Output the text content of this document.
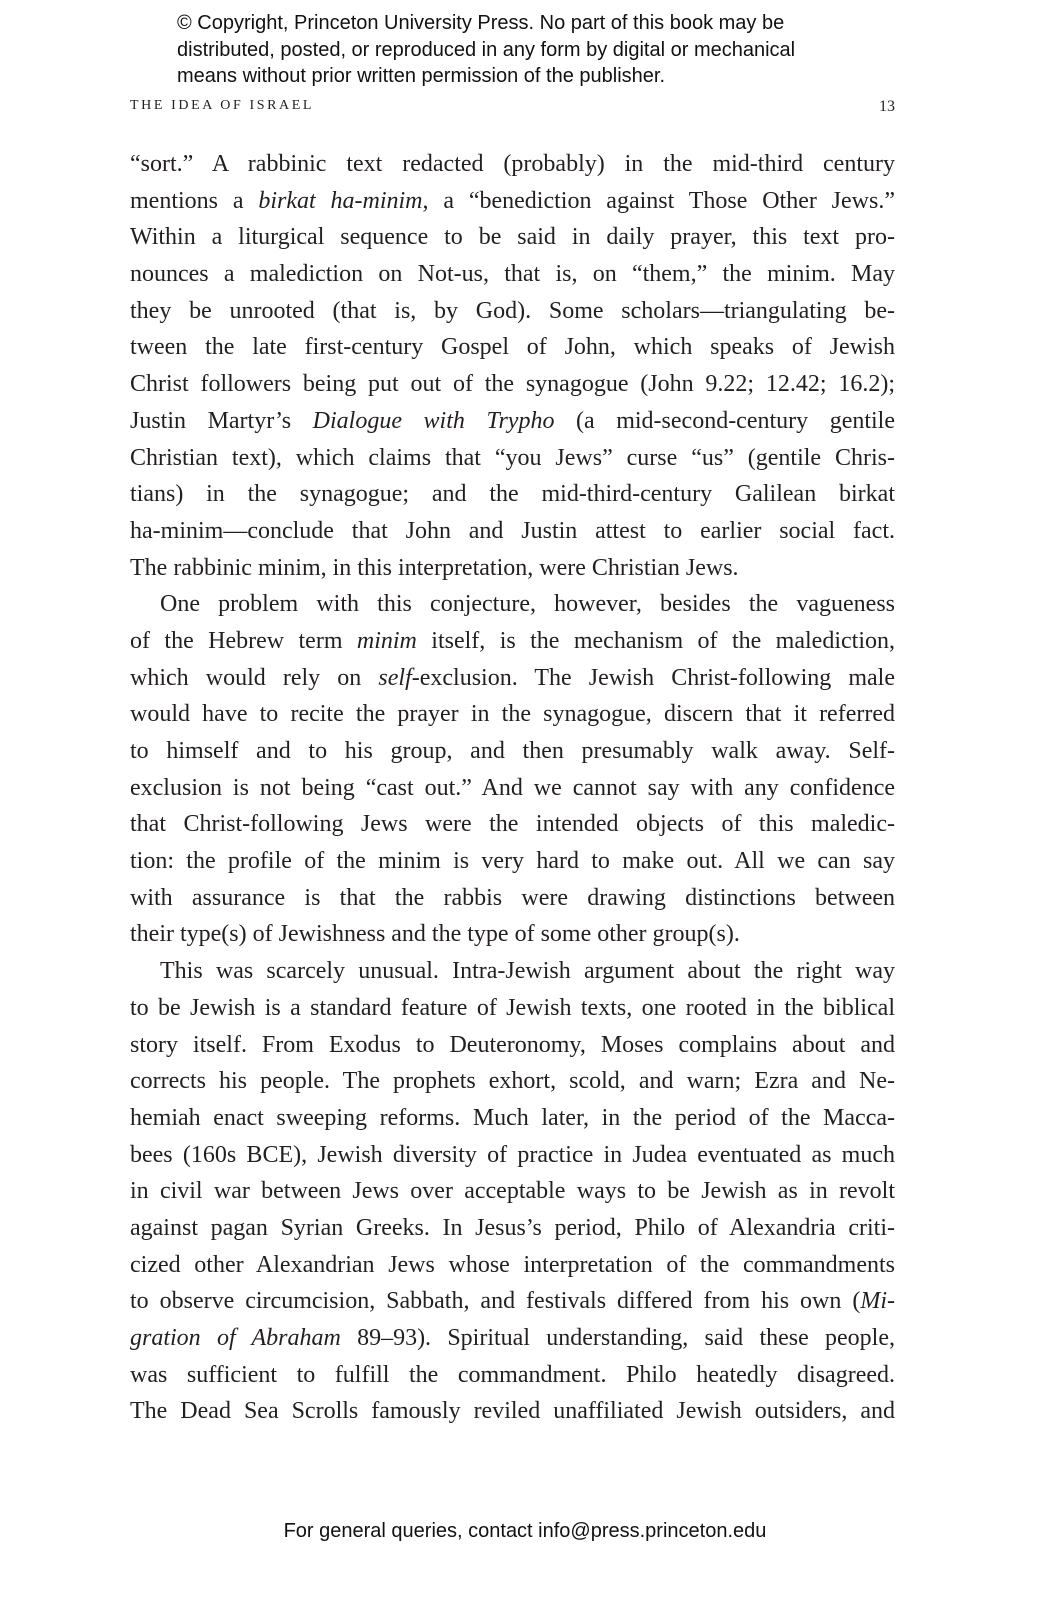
© Copyright, Princeton University Press. No part of this book may be
distributed, posted, or reproduced in any form by digital or mechanical
means without prior written permission of the publisher.
THE IDEA OF ISRAEL	13
“sort.” A rabbinic text redacted (probably) in the mid-third century
mentions a birkat ha-minim, a “benediction against Those Other Jews.”
Within a liturgical sequence to be said in daily prayer, this text pro-
nounces a malediction on Not-us, that is, on “them,” the minim. May
they be unrooted (that is, by God). Some scholars—triangulating be-
tween the late first-century Gospel of John, which speaks of Jewish
Christ followers being put out of the synagogue (John 9.22; 12.42; 16.2);
Justin Martyr’s Dialogue with Trypho (a mid-second-century gentile
Christian text), which claims that “you Jews” curse “us” (gentile Chris-
tians) in the synagogue; and the mid-third-century Galilean birkat
ha-minim—conclude that John and Justin attest to earlier social fact.
The rabbinic minim, in this interpretation, were Christian Jews.
One problem with this conjecture, however, besides the vagueness
of the Hebrew term minim itself, is the mechanism of the malediction,
which would rely on self-exclusion. The Jewish Christ-following male
would have to recite the prayer in the synagogue, discern that it referred
to himself and to his group, and then presumably walk away. Self-
exclusion is not being “cast out.” And we cannot say with any confidence
that Christ-following Jews were the intended objects of this maledic-
tion: the profile of the minim is very hard to make out. All we can say
with assurance is that the rabbis were drawing distinctions between
their type(s) of Jewishness and the type of some other group(s).
This was scarcely unusual. Intra-Jewish argument about the right way
to be Jewish is a standard feature of Jewish texts, one rooted in the biblical
story itself. From Exodus to Deuteronomy, Moses complains about and
corrects his people. The prophets exhort, scold, and warn; Ezra and Ne-
hemiah enact sweeping reforms. Much later, in the period of the Macca-
bees (160s BCE), Jewish diversity of practice in Judea eventuated as much
in civil war between Jews over acceptable ways to be Jewish as in revolt
against pagan Syrian Greeks. In Jesus’s period, Philo of Alexandria criti-
cized other Alexandrian Jews whose interpretation of the commandments
to observe circumcision, Sabbath, and festivals differed from his own (Mi-
gration of Abraham 89–93). Spiritual understanding, said these people,
was sufficient to fulfill the commandment. Philo heatedly disagreed.
The Dead Sea Scrolls famously reviled unaffiliated Jewish outsiders, and
For general queries, contact info@press.princeton.edu
